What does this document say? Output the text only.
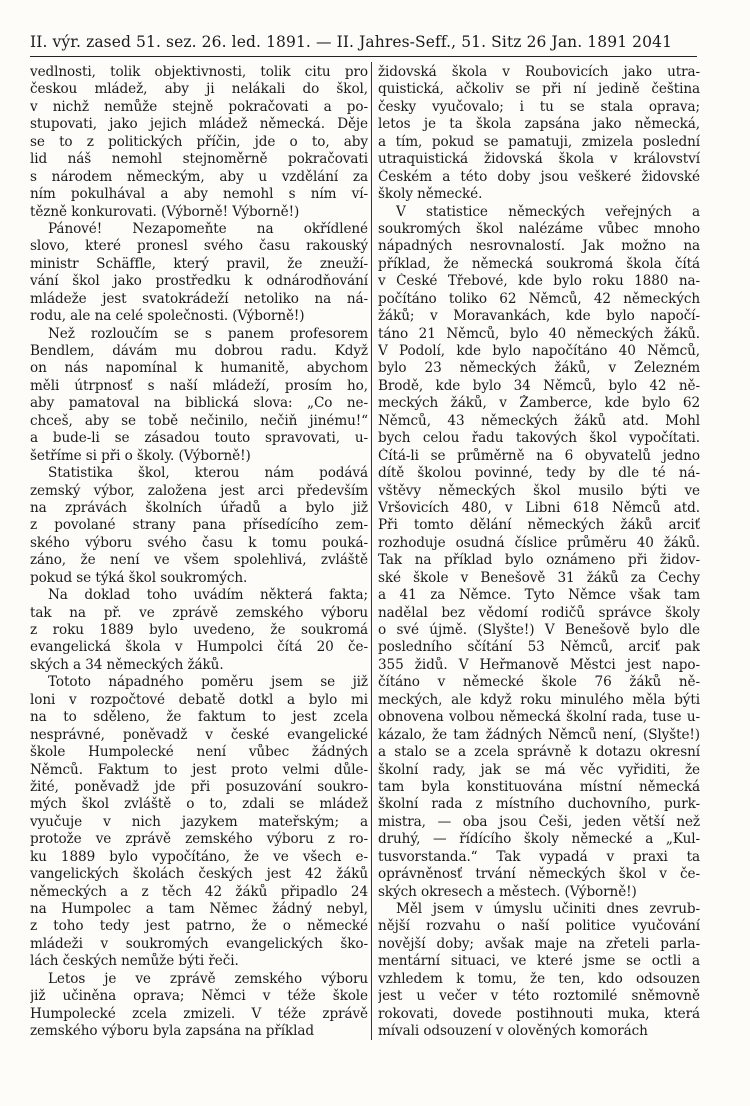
II. výr. zased 51. sez. 26. led. 1891. — II. Jahres-Seff., 51. Sitz 26 Jan. 1891 2041

vedlnosti, tolik objektivnosti, tolik citu pro
českou mládež, aby ji nelákali do škol,
v nichž nemůže stejně pokračovati a po-
stupovati, jako jejich mládež německá. Děje
se to z politických příčin, jde o to, aby
lid náš nemohl stejnoměrně pokračovati
s národem německým, aby u vzdělání za
ním pokulhával a aby nemohl s ním ví-
tězně konkurovati. (Výborně! Výborně!)

Pánové! Nezapomeňte na okřídlené
slovo, které pronesl svého času rakouský
ministr Schäffle, který pravil, že zneuží-
vání škol jako prostředku k odnárodňování
mládeže jest svatokrádeží netoliko na ná-
rodu, ale na celé společnosti. (Výborně!)

Než rozloučím se s panem profesorem
Bendlem, dávám mu dobrou radu. Když
on nás napomínal k humanitě, abychom
měli útrpnosť s naší mládeží, prosím ho,
aby pamatoval na biblická slova: „Co ne-
chceš, aby se tobě nečinilo, nečiň jinému!“
a bude-li se zásadou touto spravovati, u-
šetříme si při o školy. (Výborně!)

Statistika škol, kterou nám podává
zemský výbor, založena jest arci především
na zprávách školních úřadů a bylo již
z povolané strany pana přísedícího zem-
ského výboru svého času k tomu pouká-
záno, že není ve všem spolehlivá, zvláště
pokud se týká škol soukromých.

Na doklad toho uvádím některá fakta;
tak na př. ve zprávě zemského výboru
z roku 1889 bylo uvedeno, že soukromá
evangelická škola v Humpolci čítá 20 če-
ských a 34 německých žáků.

Tototo nápadného poměru jsem se již
loni v rozpočtové debatě dotkl a bylo mi
na to sděleno, že faktum to jest zcela
nesprávné, poněvadž v české evangelické
škole Humpolecké není vůbec žádných
Němců. Faktum to jest proto velmi důle-
žité, poněvadž jde při posuzování soukro-
mých škol zvláště o to, zdali se mládež
vyučuje v nich jazykem mateřským; a
protože ve zprávě zemského výboru z ro-
ku 1889 bylo vypočítáno, že ve všech e-
vangelických školách českých jest 42 žáků
německých a z těch 42 žáků připadlo 24
na Humpolec a tam Němec žádný nebyl,
z toho tedy jest patrno, že o německé
mládeži v soukromých evangelických ško-
lách českých nemůže býti řeči.

Letos je ve zprávě zemského výboru
již učiněna oprava; Němci v téže škole
Humpolecké zcela zmizeli. V téže zprávě
zemského výboru byla zapsána na příklad

židovská škola v Roubovicích jako utra-
quistická, ačkoliv se při ní jedině čeština
česky vyučovalo; i tu se stala oprava;
letos je ta škola zapsána jako německá,
a tím, pokud se pamatuji, zmizela poslední
utraquistická židovská škola v království
Českém a této doby jsou veškeré židovské
školy německé.

V statistice německých veřejných a
soukromých škol nalézáme vůbec mnoho
nápadných nesrovnalostí. Jak možno na
příklad, že německá soukromá škola čítá
v České Třebové, kde bylo roku 1880 na-
počítáno toliko 62 Němců, 42 německých
žáků; v Moravankách, kde bylo napočí-
táno 21 Němců, bylo 40 německých žáků.
V Podolí, kde bylo napočítáno 40 Němců,
bylo 23 německých žáků, v Železném
Brodě, kde bylo 34 Němců, bylo 42 ně-
meckých žáků, v Žamberce, kde bylo 62
Němců, 43 německých žáků atd. Mohl
bych celou řadu takových škol vypočítati.
Čítá-li se průměrně na 6 obyvatelů jedno
dítě školou povinné, tedy by dle té ná-
vštěvy německých škol musilo býti ve
Vršovicích 480, v Libni 618 Němců atd.
Při tomto dělání německých žáků arciť
rozhoduje osudná číslice průměru 40 žáků.
Tak na příklad bylo oznámeno při židov-
ské škole v Benešově 31 žáků za Čechy
a 41 za Němce. Tyto Němce však tam
nadělal bez vědomí rodičů správce školy
o své újmě. (Slyšte!) V Benešově bylo dle
posledního sčítání 53 Němců, arciť pak
355 židů. V Heřmanově Městci jest napo-
čítáno v německé škole 76 žáků ně-
meckých, ale když roku minulého měla býti
obnovena volbou německá školní rada, tuse u-
kázalo, že tam žádných Němců není, (Slyšte!)
a stalo se a zcela správně k dotazu okresní
školní rady, jak se má věc vyřiditi, že
tam byla konstituována místní německá
školní rada z místního duchovního, purk-
mistra, — oba jsou Češi, jeden větší než
druhý, — řídícího školy německé a „Kul-
tusvorstanda.“ Tak vypadá v praxi ta
oprávněnosť trvání německých škol v če-
ských okresech a městech. (Výborně!)

Měl jsem v úmyslu učiniti dnes zevrub-
nější rozvahu o naší politice vyučování
novější doby; avšak maje na zřeteli parla-
mentární situaci, ve které jsme se octli a
vzhledem k tomu, že ten, kdo odsouzen
jest u večer v této roztomilé sněmovně
rokovati, dovede postihnouti muka, která
mívali odsouzení v olověných komorách
